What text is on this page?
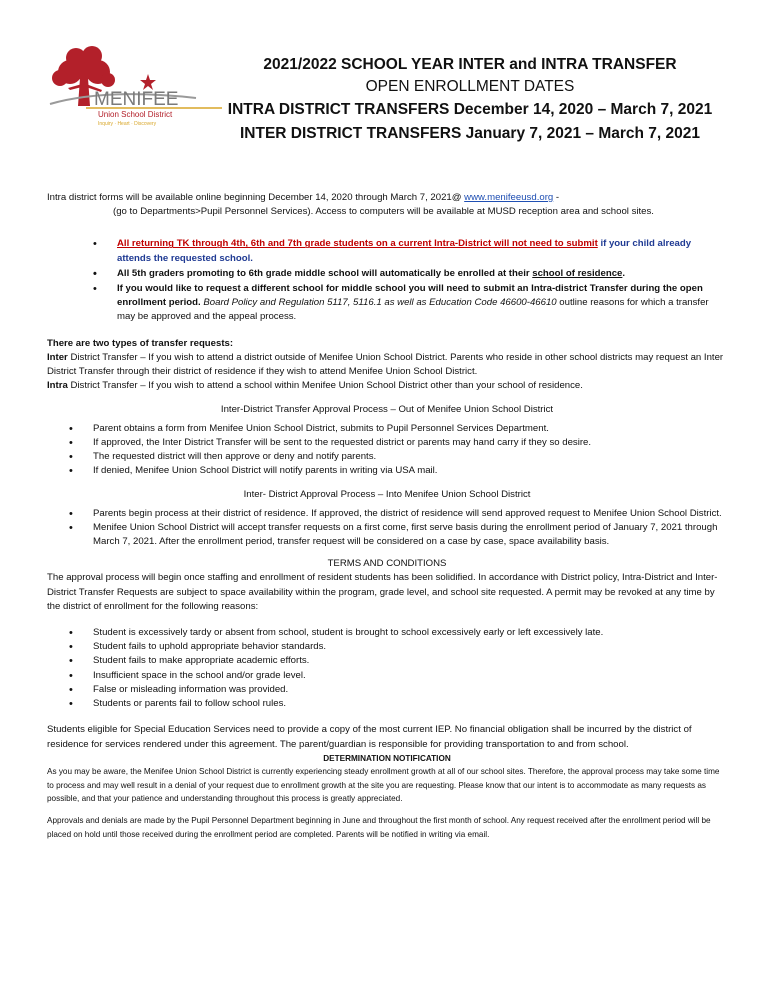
MENIFEE
Union School District
Inquiry · Heart · Discovery
2021/2022 SCHOOL YEAR INTER and INTRA TRANSFER
OPEN ENROLLMENT DATES
INTRA DISTRICT TRANSFERS December 14, 2020 – March 7, 2021
INTER DISTRICT TRANSFERS January 7, 2021 – March 7, 2021
Intra district forms will be available online beginning December 14, 2020 through March 7, 2021@ www.menifeeusd.org -
(go to Departments>Pupil Personnel Services). Access to computers will be available at MUSD reception area and school sites.
• All returning TK through 4th, 6th and 7th grade students on a current Intra-District will not need to submit if your child already attends the requested school.
• All 5th graders promoting to 6th grade middle school will automatically be enrolled at their school of residence.
• If you would like to request a different school for middle school you will need to submit an Intra-district Transfer during the open enrollment period. Board Policy and Regulation 5117, 5116.1 as well as Education Code 46600-46610 outline reasons for which a transfer may be approved and the appeal process.
There are two types of transfer requests:
Inter District Transfer – If you wish to attend a district outside of Menifee Union School District. Parents who reside in other school districts may request an Inter District Transfer through their district of residence if they wish to attend Menifee Union School District.
Intra District Transfer – If you wish to attend a school within Menifee Union School District other than your school of residence.
Inter-District Transfer Approval Process – Out of Menifee Union School District
• Parent obtains a form from Menifee Union School District, submits to Pupil Personnel Services Department.
• If approved, the Inter District Transfer will be sent to the requested district or parents may hand carry if they so desire.
• The requested district will then approve or deny and notify parents.
• If denied, Menifee Union School District will notify parents in writing via USA mail.
Inter- District Approval Process – Into Menifee Union School District
• Parents begin process at their district of residence. If approved, the district of residence will send approved request to Menifee Union School District.
• Menifee Union School District will accept transfer requests on a first come, first serve basis during the enrollment period of January 7, 2021 through March 7, 2021. After the enrollment period, transfer request will be considered on a case by case, space availability basis.
TERMS AND CONDITIONS
The approval process will begin once staffing and enrollment of resident students has been solidified. In accordance with District policy, Intra-District and Inter- District Transfer Requests are subject to space availability within the program, grade level, and school site requested. A permit may be revoked at any time by the district of enrollment for the following reasons:
• Student is excessively tardy or absent from school, student is brought to school excessively early or left excessively late.
• Student fails to uphold appropriate behavior standards.
• Student fails to make appropriate academic efforts.
• Insufficient space in the school and/or grade level.
• False or misleading information was provided.
• Students or parents fail to follow school rules.
Students eligible for Special Education Services need to provide a copy of the most current IEP. No financial obligation shall be incurred by the district of residence for services rendered under this agreement. The parent/guardian is responsible for providing transportation to and from school.
DETERMINATION NOTIFICATION
As you may be aware, the Menifee Union School District is currently experiencing steady enrollment growth at all of our school sites. Therefore, the approval process may take some time to process and may well result in a denial of your request due to enrollment growth at the site you are requesting. Please know that our intent is to accommodate as many requests as possible, and that your patience and understanding throughout this process is greatly appreciated.
Approvals and denials are made by the Pupil Personnel Department beginning in June and throughout the first month of school. Any request received after the enrollment period will be placed on hold until those received during the enrollment period are completed. Parents will be notified in writing via email.
